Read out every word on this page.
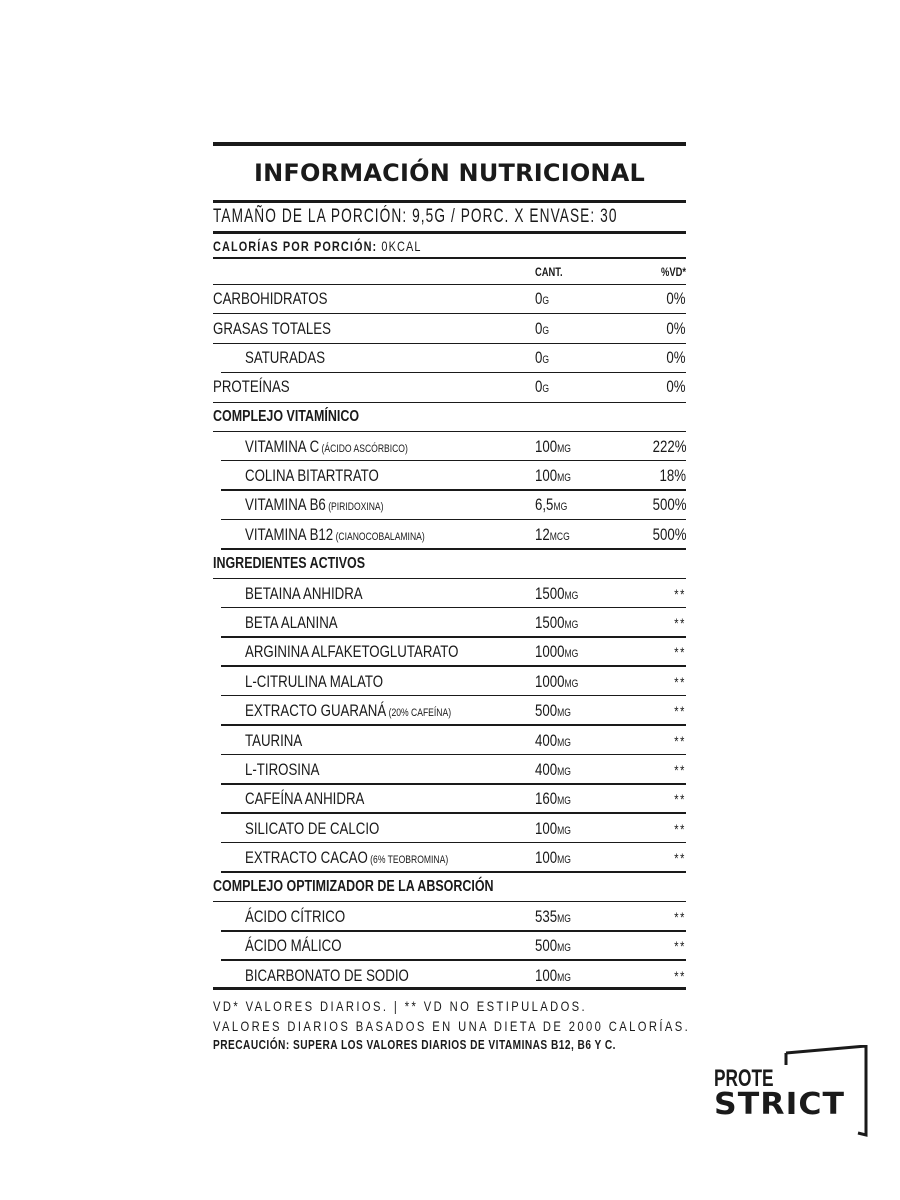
INFORMACIÓN NUTRICIONAL
TAMAÑO DE LA PORCIÓN: 9,5G / PORC. X ENVASE: 30
CALORÍAS POR PORCIÓN: 0KCAL
CANT.	%VD*
CARBOHIDRATOS	0G	0%
GRASAS TOTALES	0G	0%
SATURADAS	0G	0%
PROTEÍNAS	0G	0%
COMPLEJO VITAMÍNICO
VITAMINA C (ÁCIDO ASCÓRBICO)	100MG	222%
COLINA BITARTRATO	100MG	18%
VITAMINA B6 (PIRIDOXINA)	6,5MG	500%
VITAMINA B12 (CIANOCOBALAMINA)	12MCG	500%
INGREDIENTES ACTIVOS
BETAINA ANHIDRA	1500MG	**
BETA ALANINA	1500MG	**
ARGININA ALFAKETOGLUTARATO	1000MG	**
L-CITRULINA MALATO	1000MG	**
EXTRACTO GUARANÁ (20% CAFEÍNA)	500MG	**
TAURINA	400MG	**
L-TIROSINA	400MG	**
CAFEÍNA ANHIDRA	160MG	**
SILICATO DE CALCIO	100MG	**
EXTRACTO CACAO (6% TEOBROMINA)	100MG	**
COMPLEJO OPTIMIZADOR DE LA ABSORCIÓN
ÁCIDO CÍTRICO	535MG	**
ÁCIDO MÁLICO	500MG	**
BICARBONATO DE SODIO	100MG	**
VD* VALORES DIARIOS. | ** VD NO ESTIPULADOS.
VALORES DIARIOS BASADOS EN UNA DIETA DE 2000 CALORÍAS.
PRECAUCIÓN: SUPERA LOS VALORES DIARIOS DE VITAMINAS B12, B6 Y C.
PROTE
STRICT
